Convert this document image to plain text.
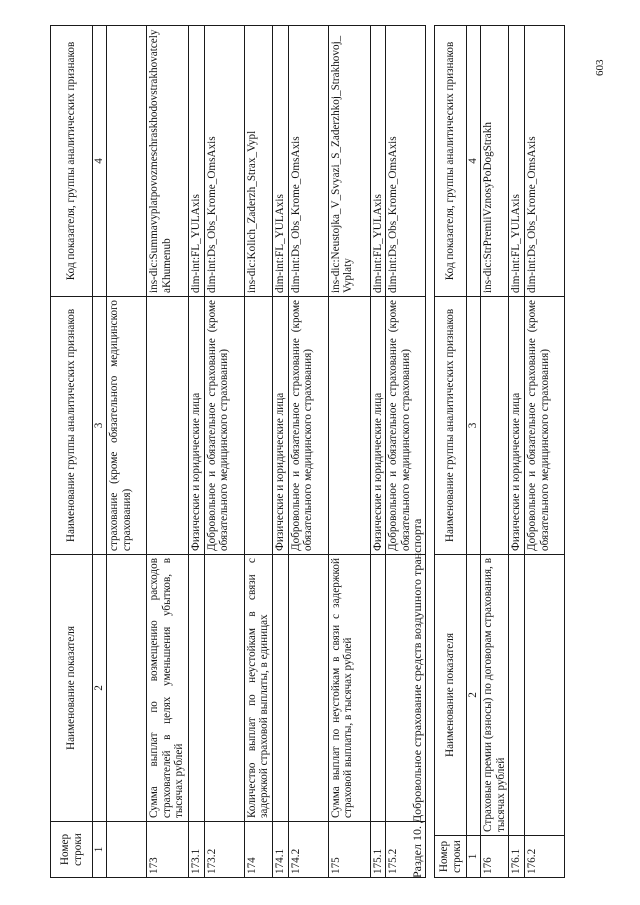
Номер строки	Наименование показателя	Наименование группы аналитических признаков	Код показателя, группы аналитических признаков
1	2	3	4
		страхование (кроме обязательного медицинского страхования)	
173	Сумма выплат по возмещению расходов страхователей в целях уменьшения убытков, в тысячах рублей		ins-dic:SummavyplatpovozmeschraskhodovstrakhovatcelyaKhumenub
173.1		Физические и юридические лица	dim-int:FL_YULAxis
173.2		Добровольное и обязательное страхование (кроме обязательного медицинского страхования)	dim-int:Ds_Obs_Krome_OmsAxis
174	Количество выплат по неустойкам в связи с задержкой страховой выплаты, в единицах		ins-dic:Kolich_Zaderzh_Strax_Vypl
174.1		Физические и юридические лица	dim-int:FL_YULAxis
174.2		Добровольное и обязательное страхование (кроме обязательного медицинского страхования)	dim-int:Ds_Obs_Krome_OmsAxis
175	Сумма выплат по неустойкам в связи с задержкой страховой выплаты, в тысячах рублей		ins-dic:Neustojka_V_Svyazi_S_Zaderzhkoj_Strakhovoj_Vyplaty
175.1		Физические и юридические лица	dim-int:FL_YULAxis
175.2		Добровольное и обязательное страхование (кроме обязательного медицинского страхования)	dim-int:Ds_Obs_Krome_OmsAxis
Раздел 10. Добровольное страхование средств воздушного транспорта Номер строки	Наименование показателя	Наименование группы аналитических признаков	Код показателя, группы аналитических признаков
1	2	3	4
176	Страховые премии (взносы) по договорам страхования, в тысячах рублей		ins-dic:StrPremiiVznosyPoDogStrakh
176.1		Физические и юридические лица	dim-int:FL_YULAxis
176.2		Добровольное и обязательное страхование (кроме обязательного медицинского страхования)	dim-int:Ds_Obs_Krome_OmsAxis
603
